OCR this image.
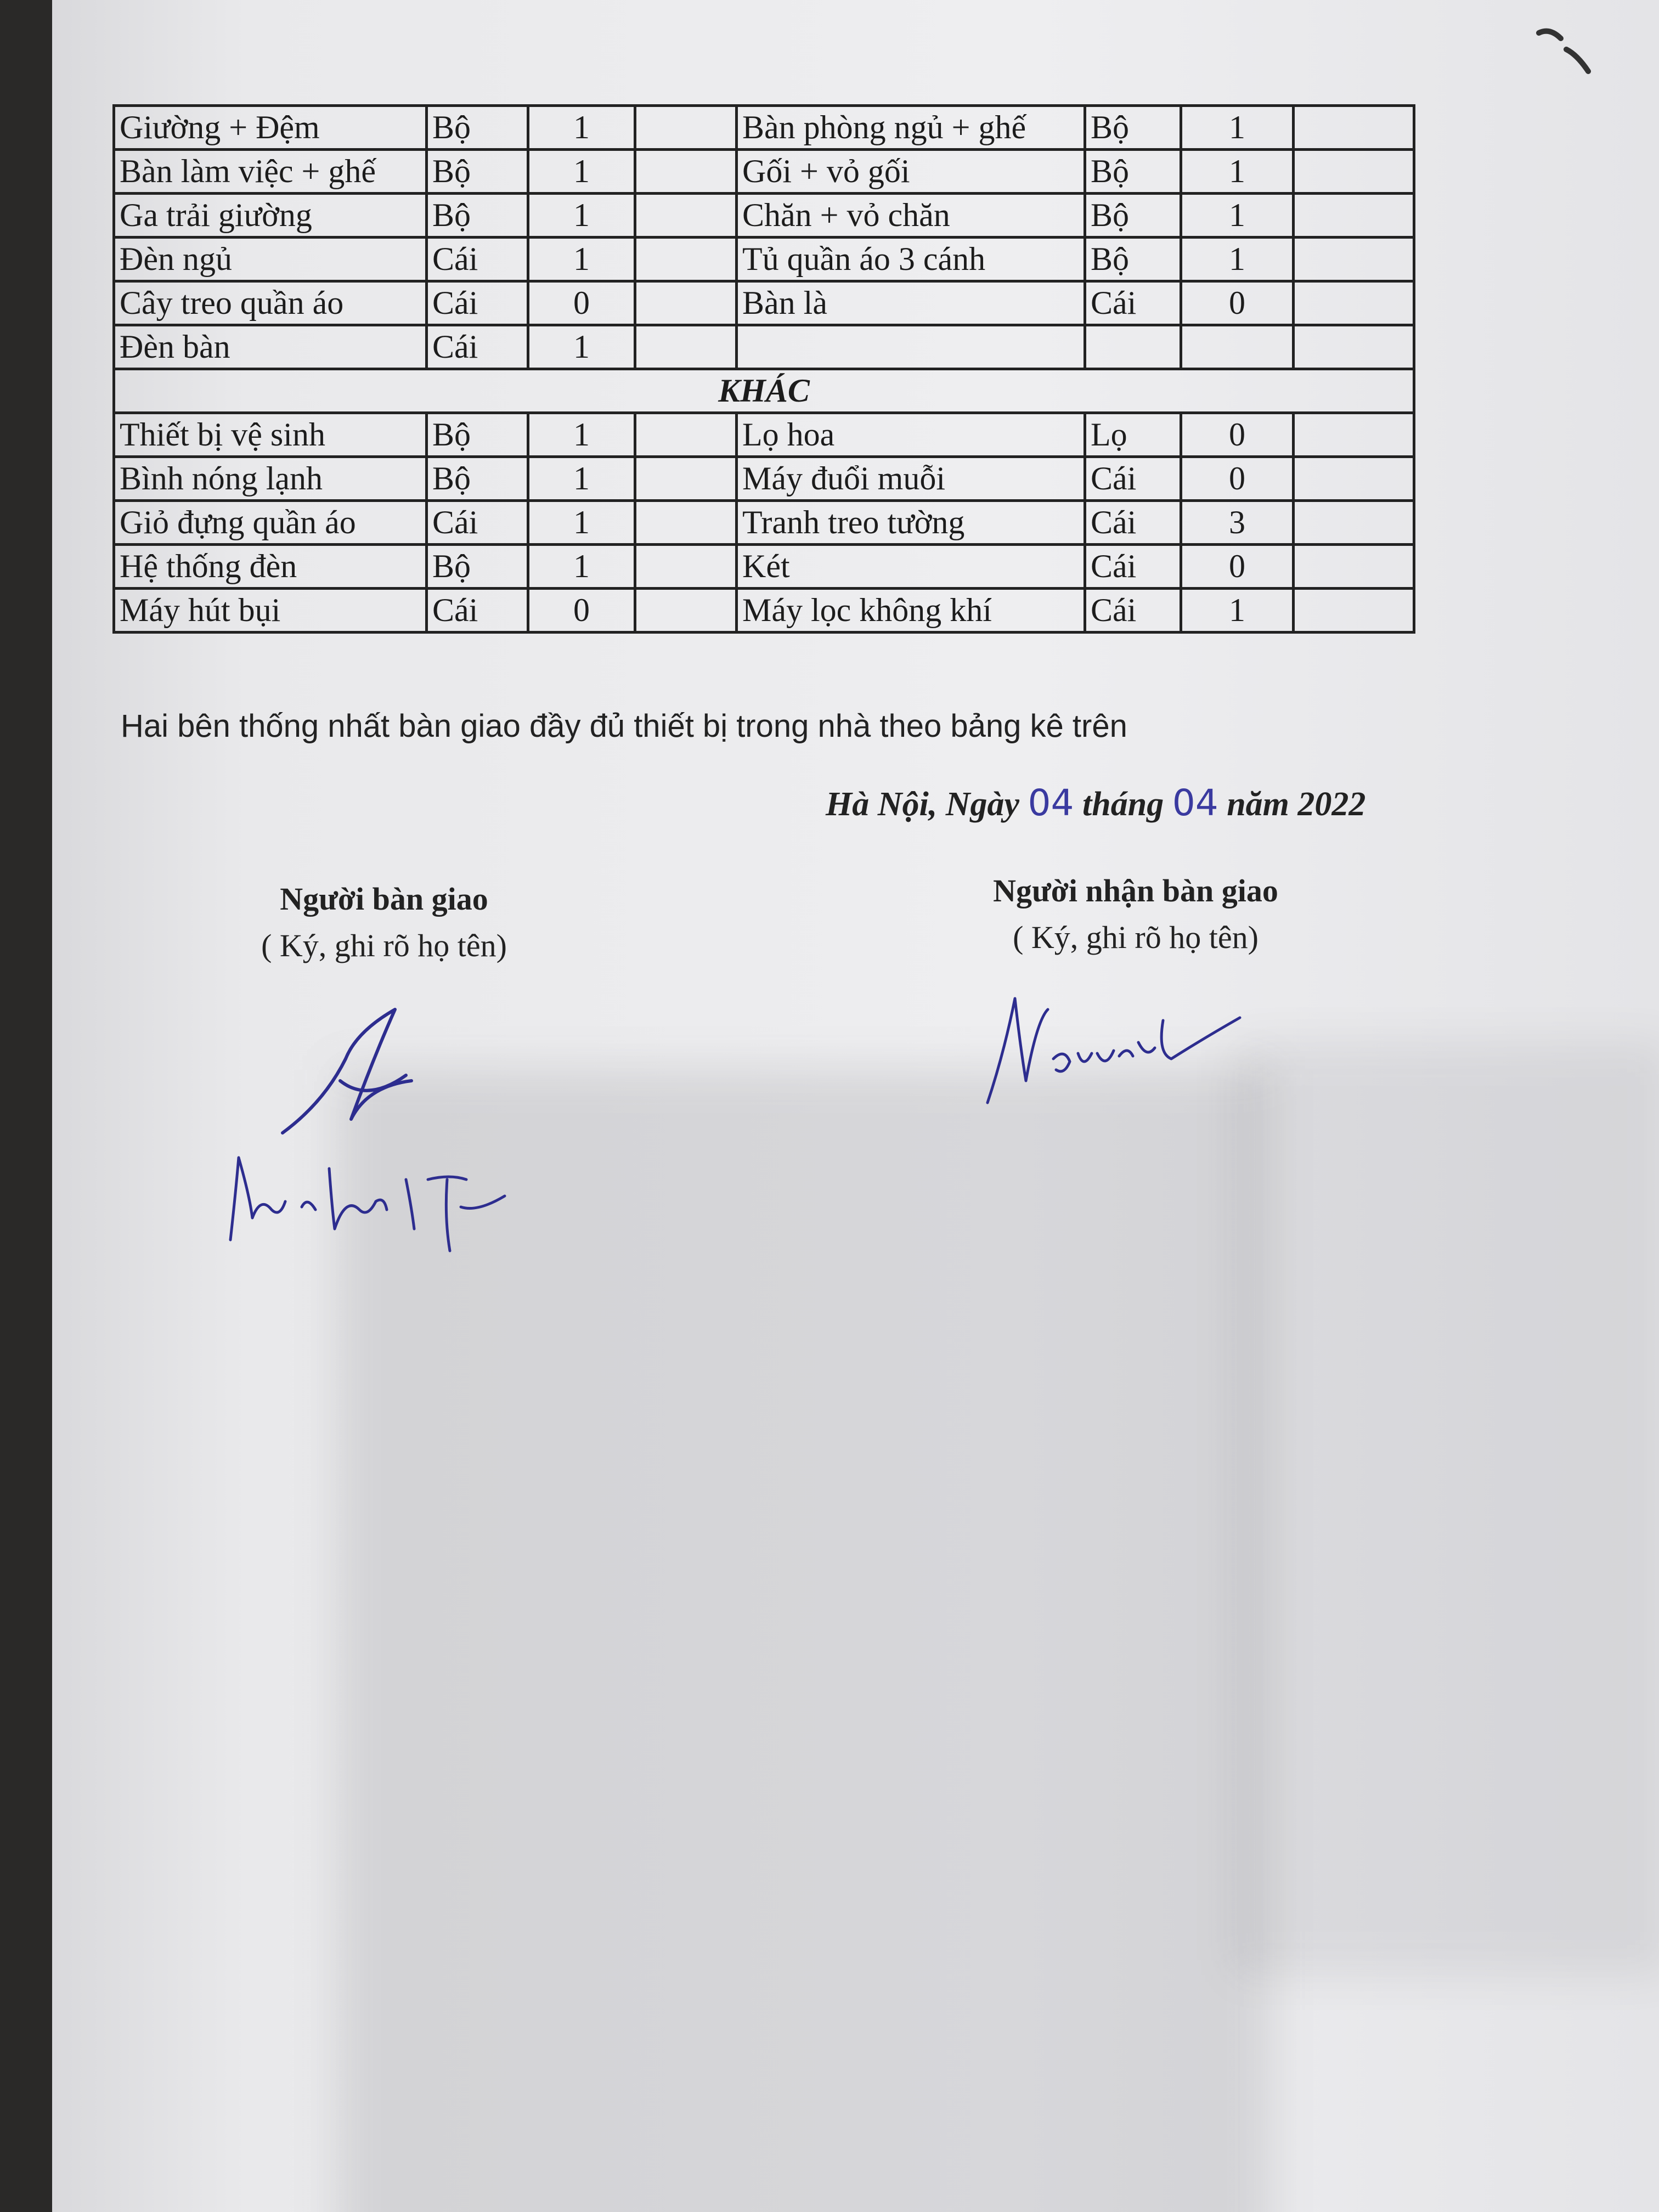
Giường + Đệm	Bộ	1		Bàn phòng ngủ + ghế	Bộ	1	
Bàn làm việc + ghế	Bộ	1		Gối + vỏ gối	Bộ	1	
Ga trải giường	Bộ	1		Chăn + vỏ chăn	Bộ	1	
Đèn ngủ	Cái	1		Tủ quần áo 3 cánh	Bộ	1	
Cây treo quần áo	Cái	0		Bàn là	Cái	0	
Đèn bàn	Cái	1					
KHÁC							
Thiết bị vệ sinh	Bộ	1		Lọ hoa	Lọ	0	
Bình nóng lạnh	Bộ	1		Máy đuổi muỗi	Cái	0	
Giỏ đựng quần áo	Cái	1		Tranh treo tường	Cái	3	
Hệ thống đèn	Bộ	1		Két	Cái	0	
Máy hút bụi	Cái	0		Máy lọc không khí	Cái	1	
Hai bên thống nhất bàn giao đầy đủ thiết bị trong nhà theo bảng kê trên
Hà Nội, Ngày 04 tháng 04 năm 2022
Người bàn giao
( Ký, ghi rõ họ tên)
Người nhận bàn giao
( Ký, ghi rõ họ tên)
